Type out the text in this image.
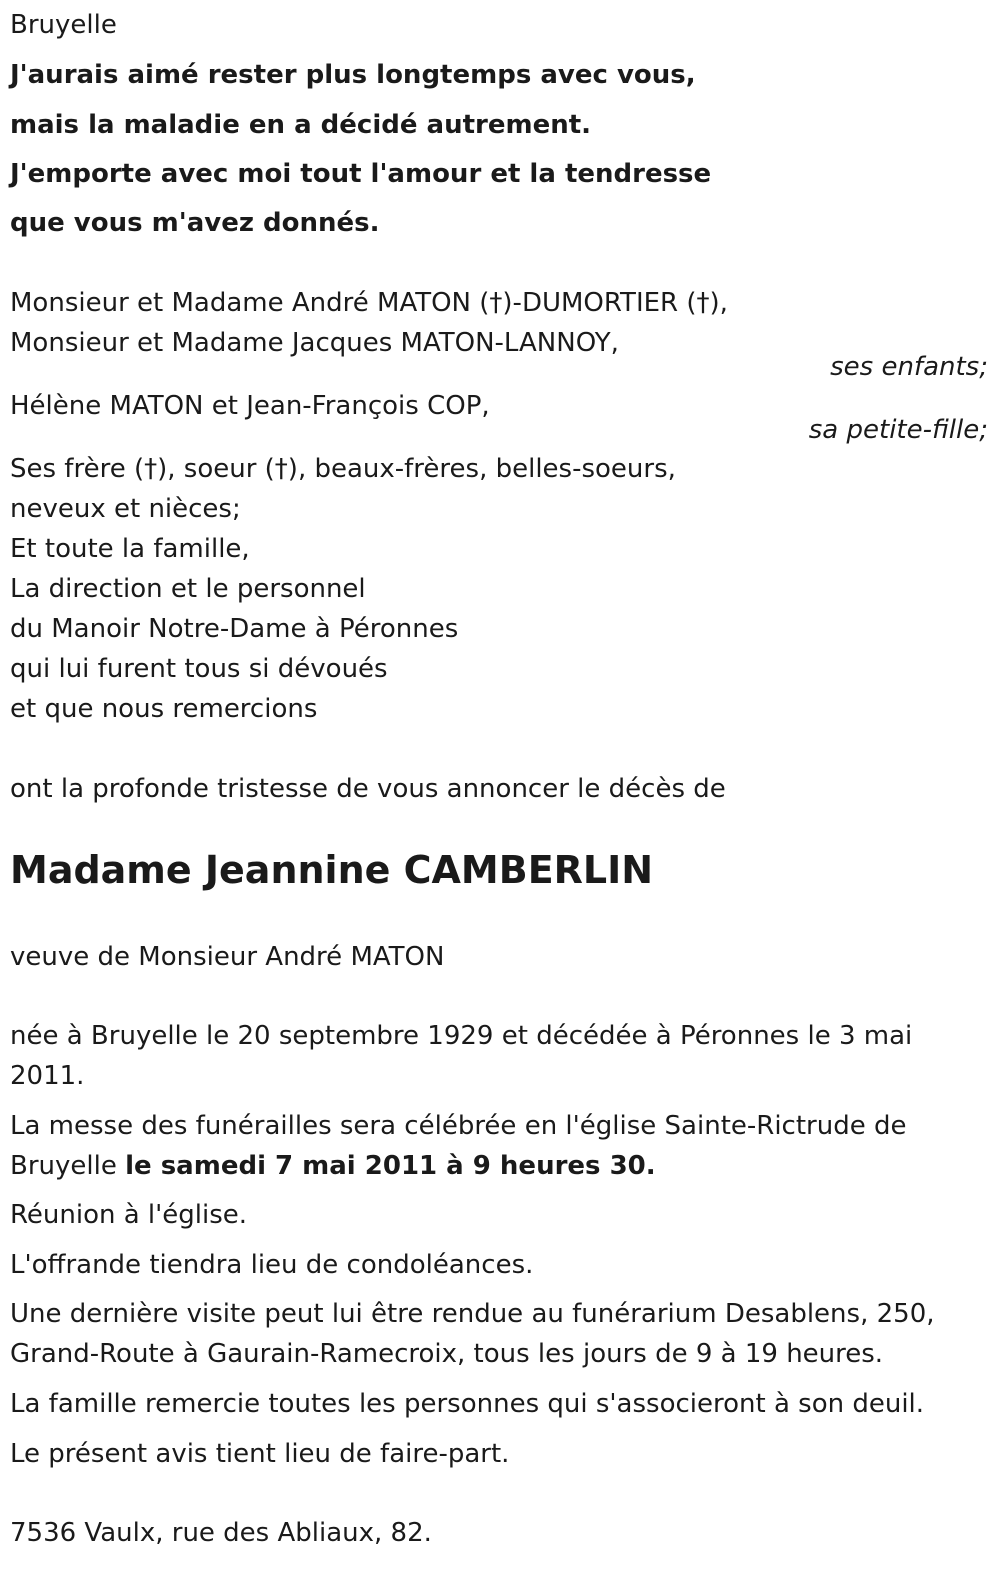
Bruyelle
J'aurais aimé rester plus longtemps avec vous,
mais la maladie en a décidé autrement.
J'emporte avec moi tout l'amour et la tendresse
que vous m'avez donnés.
Monsieur et Madame André MATON (†)-DUMORTIER (†),
Monsieur et Madame Jacques MATON-LANNOY,
ses enfants;
Hélène MATON et Jean-François COP,
sa petite-fille;
Ses frère (†), soeur (†), beaux-frères, belles-soeurs,
neveux et nièces;
Et toute la famille,
La direction et le personnel
du Manoir Notre-Dame à Péronnes
qui lui furent tous si dévoués
et que nous remercions
ont la profonde tristesse de vous annoncer le décès de
Madame Jeannine CAMBERLIN
veuve de Monsieur André MATON
née à Bruyelle le 20 septembre 1929 et décédée à Péronnes le 3 mai
2011.
La messe des funérailles sera célébrée en l'église Sainte-Rictrude de
Bruyelle le samedi 7 mai 2011 à 9 heures 30.
Réunion à l'église.
L'offrande tiendra lieu de condoléances.
Une dernière visite peut lui être rendue au funérarium Desablens, 250,
Grand-Route à Gaurain-Ramecroix, tous les jours de 9 à 19 heures.
La famille remercie toutes les personnes qui s'associeront à son deuil.
Le présent avis tient lieu de faire-part.
7536 Vaulx, rue des Abliaux, 82.
